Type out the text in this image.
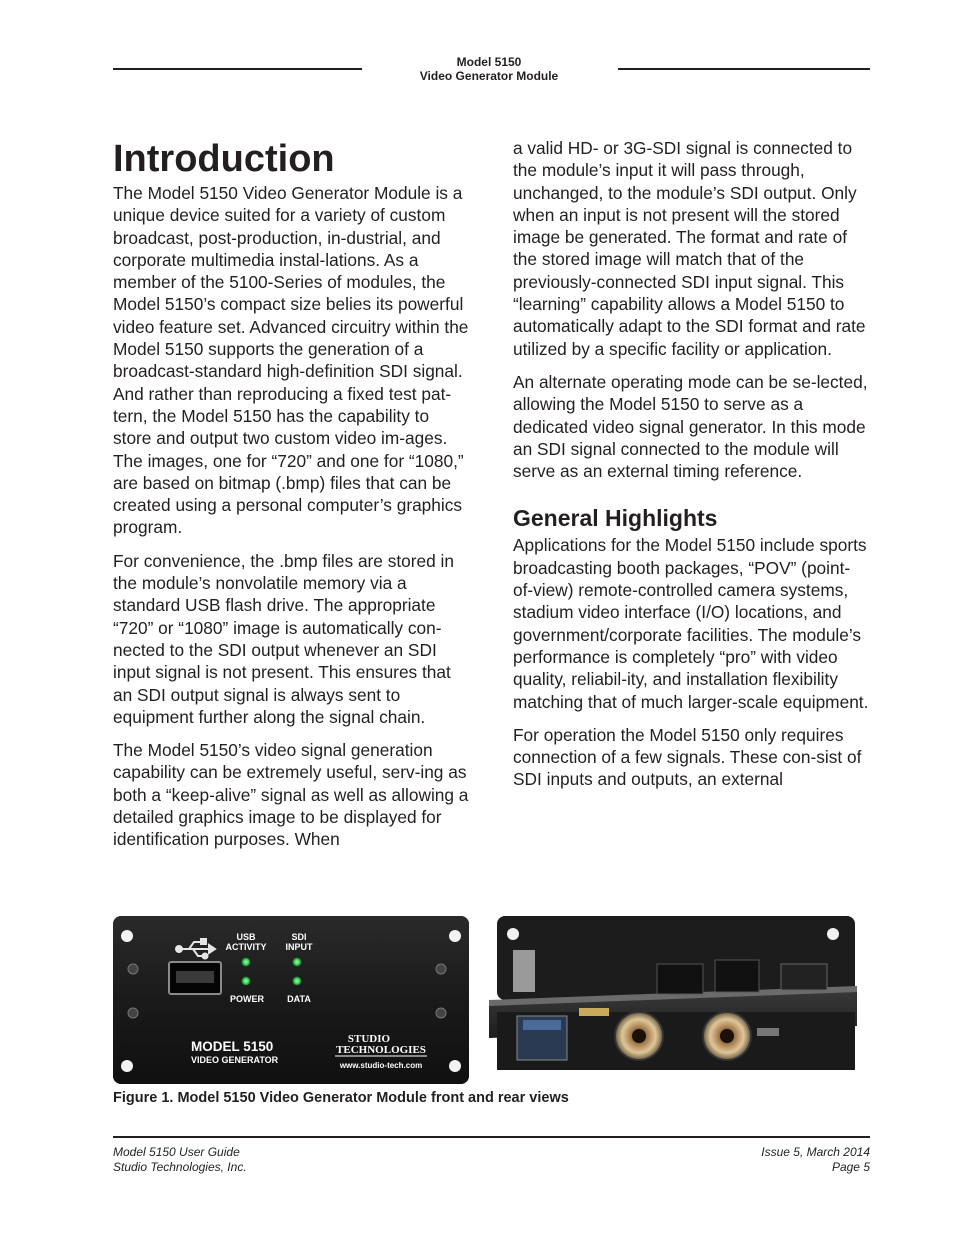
Model 5150
Video Generator Module
Introduction

The Model 5150 Video Generator Module is a unique device suited for a variety of custom broadcast, post-production, in-dustrial, and corporate multimedia instal-lations. As a member of the 5100-Series of modules, the Model 5150’s compact size belies its powerful video feature set. Advanced circuitry within the Model 5150 supports the generation of a broadcast-standard high-definition SDI signal. And rather than reproducing a fixed test pat-tern, the Model 5150 has the capability to store and output two custom video im-ages. The images, one for “720” and one for “1080,” are based on bitmap (.bmp) files that can be created using a personal computer’s graphics program.

For convenience, the .bmp files are stored in the module’s nonvolatile memory via a standard USB flash drive. The appropriate “720” or “1080” image is automatically con-nected to the SDI output whenever an SDI input signal is not present. This ensures that an SDI output signal is always sent to equipment further along the signal chain.

The Model 5150’s video signal generation capability can be extremely useful, serv-ing as both a “keep-alive” signal as well as allowing a detailed graphics image to be displayed for identification purposes. When

a valid HD- or 3G-SDI signal is connected to the module’s input it will pass through, unchanged, to the module’s SDI output. Only when an input is not present will the stored image be generated. The format and rate of the stored image will match that of the previously-connected SDI input signal. This “learning” capability allows a Model 5150 to automatically adapt to the SDI format and rate utilized by a specific facility or application.

An alternate operating mode can be se-lected, allowing the Model 5150 to serve as a dedicated video signal generator. In this mode an SDI signal connected to the module will serve as an external timing reference.

General Highlights

Applications for the Model 5150 include sports broadcasting booth packages, “POV” (point-of-view) remote-controlled camera systems, stadium video interface (I/O) locations, and government/corporate facilities. The module’s performance is completely “pro” with video quality, reliabil-ity, and installation flexibility matching that of much larger-scale equipment.

For operation the Model 5150 only requires connection of a few signals. These con-sist of SDI inputs and outputs, an external

USB
ACTIVITY
SDI
INPUT
POWER	DATA
MODEL 5150
VIDEO GENERATOR
STUDIO
TECHNOLOGIES
www.studio-tech.com
Figure 1. Model 5150 Video Generator Module front and rear views
Model 5150 User Guide
Studio Technologies, Inc.
Issue 5, March 2014
Page 5
